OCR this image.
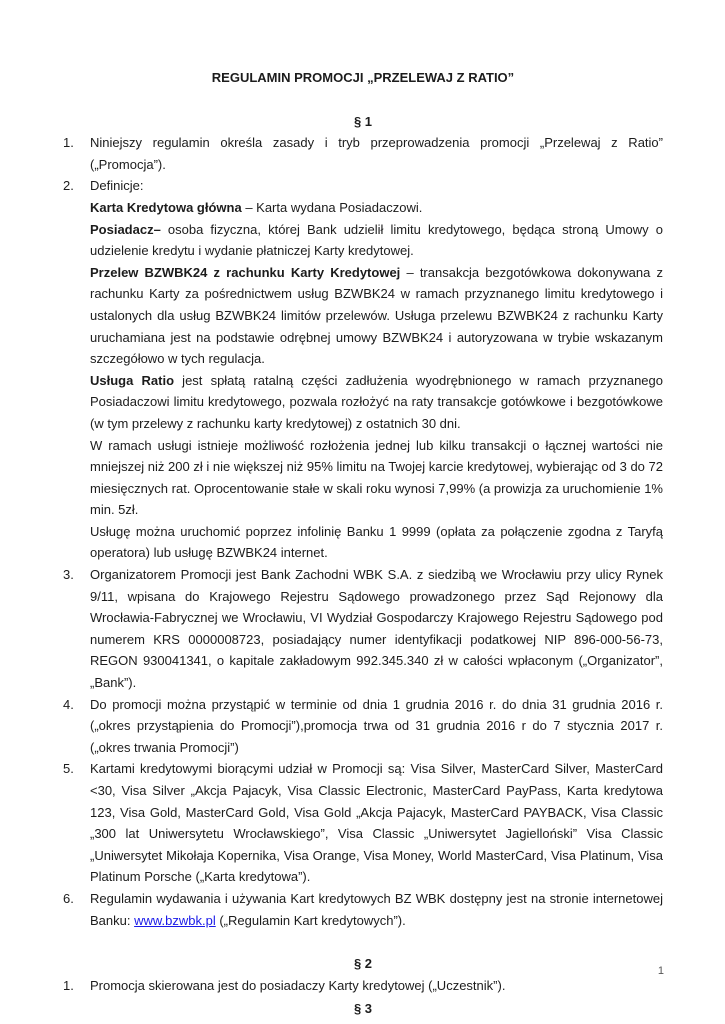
REGULAMIN PROMOCJI „PRZELEWAJ Z RATIO”
§ 1
1.	Niniejszy regulamin określa zasady i tryb przeprowadzenia promocji „Przelewaj z Ratio” („Promocja”).
2.	Definicje:
Karta Kredytowa główna – Karta wydana Posiadaczowi.
Posiadacz– osoba fizyczna, której Bank udzielił limitu kredytowego, będąca stroną Umowy o udzielenie kredytu i wydanie płatniczej Karty kredytowej.
Przelew BZWBK24 z rachunku Karty Kredytowej – transakcja bezgotówkowa dokonywana z rachunku Karty za pośrednictwem usług BZWBK24 w ramach przyznanego limitu kredytowego i ustalonych dla usług BZWBK24 limitów przelewów. Usługa przelewu BZWBK24 z rachunku Karty uruchamiana jest na podstawie odrębnej umowy BZWBK24 i autoryzowana w trybie wskazanym szczegółowo w tych regulacja.
Usługa Ratio jest spłatą ratalną części zadłużenia wyodrębnionego w ramach przyznanego Posiadaczowi limitu kredytowego, pozwala rozłożyć na raty transakcje gotówkowe i bezgotówkowe (w tym przelewy z rachunku karty kredytowej) z ostatnich 30 dni.
W ramach usługi istnieje możliwość rozłożenia jednej lub kilku transakcji o łącznej wartości nie mniejszej niż 200 zł i nie większej niż 95% limitu na Twojej karcie kredytowej, wybierając od 3 do 72 miesięcznych rat. Oprocentowanie stałe w skali roku wynosi 7,99% (a prowizja za uruchomienie 1% min. 5zł.
Usługę można uruchomić poprzez infolinię Banku 1 9999 (opłata za połączenie zgodna z Taryfą operatora) lub usługę BZWBK24 internet.
3.	Organizatorem Promocji jest Bank Zachodni WBK S.A. z siedzibą we Wrocławiu przy ulicy Rynek 9/11, wpisana do Krajowego Rejestru Sądowego prowadzonego przez Sąd Rejonowy dla Wrocławia-Fabrycznej we Wrocławiu, VI Wydział Gospodarczy Krajowego Rejestru Sądowego pod numerem KRS 0000008723, posiadający numer identyfikacji podatkowej NIP 896-000-56-73, REGON 930041341, o kapitale zakładowym 992.345.340 zł w całości wpłaconym („Organizator”, „Bank”).
4.	Do promocji można przystąpić w terminie od dnia 1 grudnia 2016 r. do dnia 31 grudnia 2016 r. („okres przystąpienia do Promocji”),promocja trwa od 31 grudnia 2016 r do 7 stycznia 2017 r. („okres trwania Promocji”)
5.	Kartami kredytowymi biorącymi udział w Promocji są: Visa Silver, MasterCard Silver, MasterCard <30, Visa Silver „Akcja Pajacyk, Visa Classic Electronic, MasterCard PayPass, Karta kredytowa 123, Visa Gold, MasterCard Gold, Visa Gold „Akcja Pajacyk, MasterCard PAYBACK, Visa Classic „300 lat Uniwersytetu Wrocławskiego”, Visa Classic „Uniwersytet Jagielloński” Visa Classic „Uniwersytet Mikołaja Kopernika, Visa Orange, Visa Money, World MasterCard, Visa Platinum, Visa Platinum Porsche („Karta kredytowa”).
6.	Regulamin wydawania i używania Kart kredytowych BZ WBK dostępny jest na stronie internetowej Banku: www.bzwbk.pl („Regulamin Kart kredytowych”).
§ 2
1.	Promocja skierowana jest do posiadaczy Karty kredytowej („Uczestnik”).
§ 3
1
